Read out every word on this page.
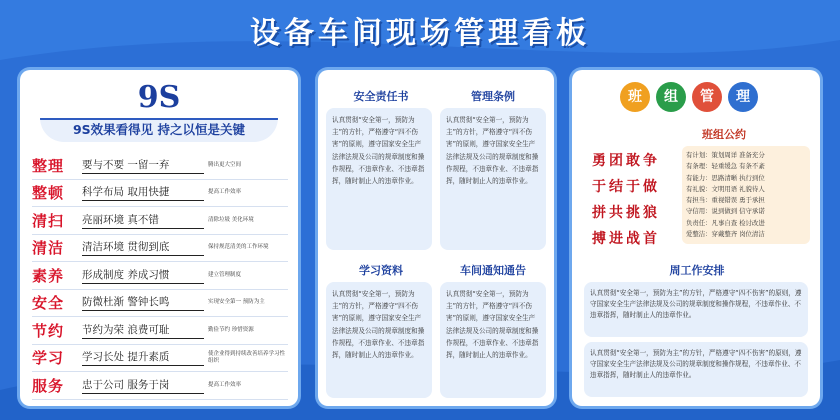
设备车间现场管理看板
9S
9S效果看得见 持之以恒是关键
整理	要与不要 一留一弃	腾出更大空间
整顿	科学布局 取用快捷	提高工作效率
清扫	亮丽环境 真不错	清除垃圾 美化环境
清洁	清洁环境 贯彻到底	保持规范清美的工作环境
素养	形成制度 养成习惯	建立管理制度
安全	防微杜渐 警钟长鸣	实现安全第一 预防为主
节约	节约为荣 浪费可耻	勤俭节约 珍惜资源
学习	学习长处 提升素质	使企业得到持续改善培养学习性组织
服务	忠于公司 服务于岗	提高工作效率
安全责任书	管理条例
认真贯彻“安全第一，预防为主”的方针，严格遵守“四不伤害”的原则，遵守国家安全生产法律法规及公司的规章制度和操作规程，不违章作业、不违章指挥，随时制止人的违章作业。
认真贯彻“安全第一，预防为主”的方针，严格遵守“四不伤害”的原则，遵守国家安全生产法律法规及公司的规章制度和操作规程，不违章作业、不违章指挥，随时制止人的违章作业。
学习资料	车间通知通告
认真贯彻“安全第一，预防为主”的方针，严格遵守“四不伤害”的原则，遵守国家安全生产法律法规及公司的规章制度和操作规程，不违章作业、不违章指挥，随时制止人的违章作业。
认真贯彻“安全第一，预防为主”的方针，严格遵守“四不伤害”的原则，遵守国家安全生产法律法规及公司的规章制度和操作规程，不违章作业、不违章指挥，随时制止人的违章作业。
班	组	管	理
班组公约
勇团敢争
于结于做
拼共挑狼
搏进战首
有计划：策划周详 准备充分
有条理：轻重缓急 有条不紊
有能力：思路清晰 执行到位
有礼貌：文明用语 礼貌待人
有担当：重视错误 勇于承担
守信用：说到做到 信守承诺
负责任：凡事自查 检讨改进
爱整洁：穿戴整齐 岗位清洁
周工作安排
认真贯彻“安全第一，预防为主”的方针，严格遵守“四不伤害”的原则，遵守国家安全生产法律法规及公司的规章制度和操作规程，不违章作业、不违章指挥，随时制止人的违章作业。
认真贯彻“安全第一，预防为主”的方针，严格遵守“四不伤害”的原则，遵守国家安全生产法律法规及公司的规章制度和操作规程，不违章作业、不违章指挥，随时制止人的违章作业。
